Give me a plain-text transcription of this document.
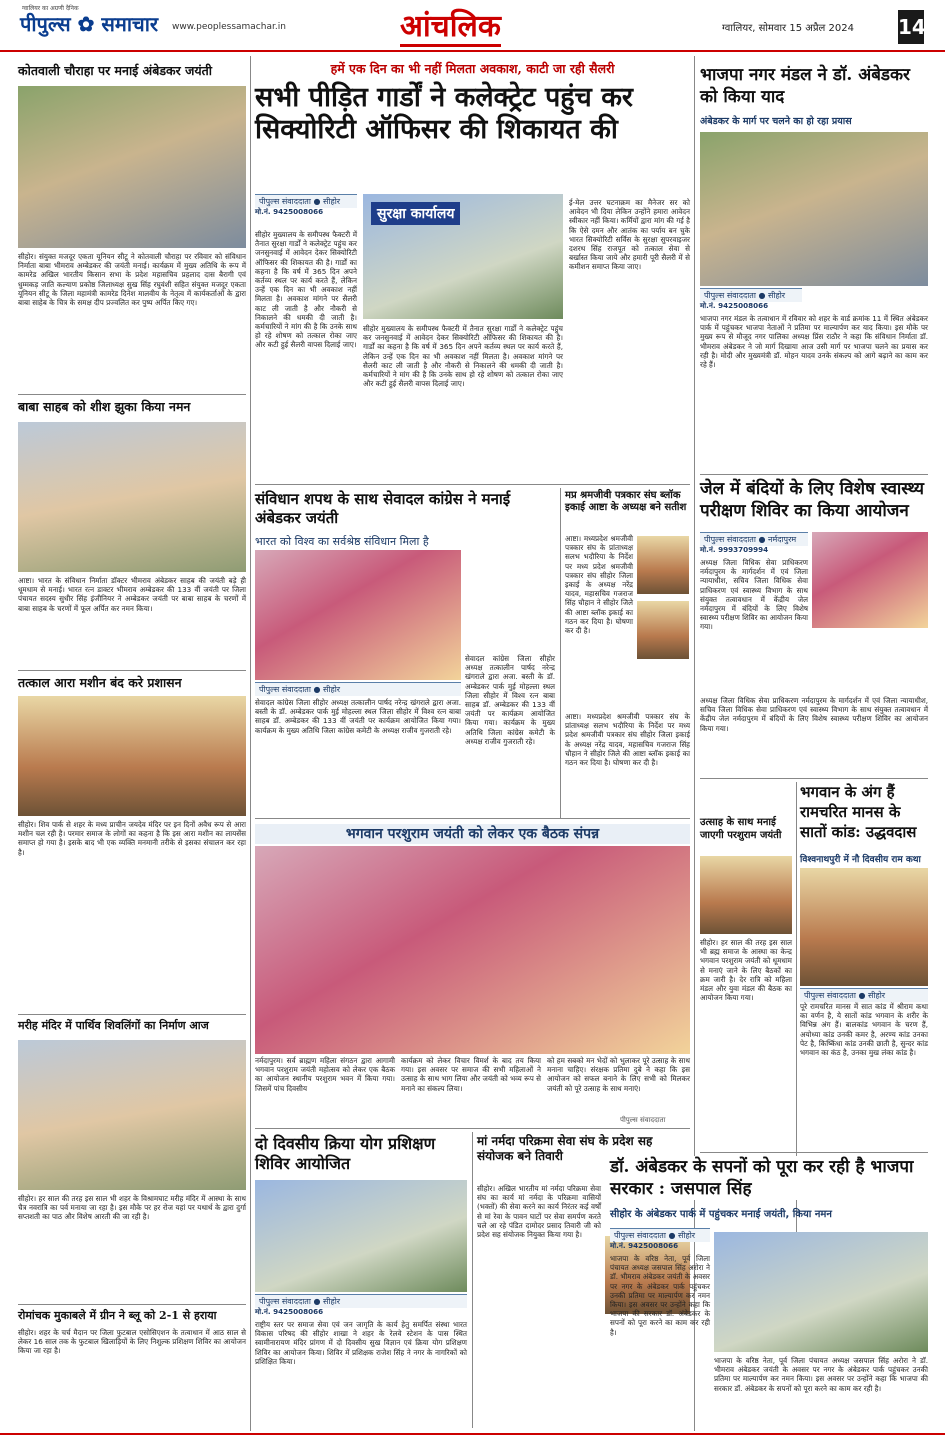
ग्वालियर का अग्रणी दैनिक
पीपुल्स ✿ समाचार www.peoplessamachar.in	आंचलिक	ग्वालियर, सोमवार 15 अप्रैल 2024 14
कोतवाली चौराहा पर मनाई अंबेडकर जयंती
सीहोर। संयुक्त मजदूर एकता यूनियन सीटू ने कोतवाली चौराहा पर रविवार को संविधान निर्माता बाबा भीमराव अम्बेडकर की जयंती मनाई। कार्यक्रम में मुख्य अतिथि के रूप में कामरेड अखिल भारतीय किसान सभा के प्रदेश महासचिव प्रहलाद दास बैरागी एवं धुम्मकड़ जाति कल्याण प्रकोष्ठ जिलाध्यक्ष सुख सिंह रघुवंशी सहित संयुक्त मजदूर एकता यूनियन सीटू के जिला महामंत्री कामरेड दिनेश मालवीय के नेतृत्व में कार्यकर्ताओं के द्वारा बाबा साहेब के चित्र के समक्ष दीप प्रज्वलित कर पुष्प अर्पित किए गए।
बाबा साहब को शीश झुका किया नमन
आष्टा। भारत के संविधान निर्माता डॉक्टर भीमराव अंबेडकर साहब की जयंती बड़े ही धूमधाम से मनाई। भारत रत्न डाक्टर भीमराव अम्बेडकर की 133 वीं जयंती पर जिला पंचायत सदस्य सुधीर सिंह इंजीनियर ने अम्बेडकर जयंती पर बाबा साहब के चरणों में बाबा साहब के चरणों में फूल अर्पित कर नमन किया।
तत्काल आरा मशीन बंद करे प्रशासन
सीहोर। शिव पार्क से शहर के मध्य प्राचीन जयदेव मंदिर पर इन दिनों अवैध रूप से आरा मशीन चल रही है। परमार समाज के लोगों का कहना है कि इस आरा मशीन का लायसेंस समाप्त हो गया है। इसके बाद भी एक व्यक्ति मनमानी तरीके से इसका संचालन कर रहा है।
मरीह मंदिर में पार्थिव शिवलिंगों का निर्माण आज
सीहोर। हर साल की तरह इस साल भी शहर के विश्रामघाट मरीह मंदिर में आस्था के साथ चैत्र नवरात्रि का पर्व मनाया जा रहा है। इस मौके पर हर रोज यहां पर यथार्थ के द्वारा दुर्गा सप्तशती का पाठ और विशेष आरती की जा रही है।
रोमांचक मुकाबले में ग्रीन ने ब्लू को 2-1 से हराया
सीहोर। शहर के चर्च मैदान पर जिला फुटबाल एसोसिएशन के तत्वाधान में आठ साल से लेकर 16 साल तक के फुटबाल खिलाड़ियों के लिए निशुल्क प्रशिक्षण शिविर का आयोजन किया जा रहा है।
हमें एक दिन का भी नहीं मिलता अवकाश, काटी जा रही सैलरी
सभी पीड़ित गार्डों ने कलेक्ट्रेट पहुंच कर सिक्योरिटी ऑफिसर की शिकायत की
पीपुल्स संवाददाता ● सीहोर
मो.नं. 9425008066
सीहोर मुख्यालय के समीपस्थ फैक्टरी में तैनात सुरक्षा गार्डों ने कलेक्ट्रेट पहुंच कर जनसुनवाई में आवेदन देकर सिक्योरिटी ऑफिसर की शिकायत की है। गार्डों का कहना है कि वर्ष में 365 दिन अपने कर्तव्य स्थल पर कार्य करते हैं, लेकिन उन्हें एक दिन का भी अवकाश नहीं मिलता है। अवकाश मांगने पर सैलरी काट ली जाती है और नौकरी से निकालने की धमकी दी जाती है। कर्मचारियों ने मांग की है कि उनके साथ हो रहे शोषण को तत्काल रोका जाए और कटी हुई सैलरी वापस दिलाई जाए।
सुरक्षा कार्यालय
सीहोर मुख्यालय के समीपस्थ फैक्टरी में तैनात सुरक्षा गार्डों ने कलेक्ट्रेट पहुंच कर जनसुनवाई में आवेदन देकर सिक्योरिटी ऑफिसर की शिकायत की है। गार्डों का कहना है कि वर्ष में 365 दिन अपने कर्तव्य स्थल पर कार्य करते हैं, लेकिन उन्हें एक दिन का भी अवकाश नहीं मिलता है। अवकाश मांगने पर सैलरी काट ली जाती है और नौकरी से निकालने की धमकी दी जाती है। कर्मचारियों ने मांग की है कि उनके साथ हो रहे शोषण को तत्काल रोका जाए और कटी हुई सैलरी वापस दिलाई जाए।
ई-मेल उत्तर घटनाक्रम का मैनेजर सर को आवेदन भी दिया लेकिन उन्होंने हमारा आवेदन स्वीकार नहीं किया। कर्मियों द्वारा मांग की गई है कि ऐसे दमन और आतंक का पर्याय बन चुके भारत सिक्योरिटी सर्विस के सुरक्षा सुपरवाइजर दशरथ सिंह राजपूत को तत्काल सेवा से बर्खास्त किया जाये और हमारी पूरी सैलरी में से कमीशन समाप्त किया जाए।
संविधान शपथ के साथ सेवादल कांग्रेस ने मनाई अंबेडकर जयंती
भारत को विश्व का सर्वश्रेष्ठ संविधान मिला है
पीपुल्स संवाददाता ● सीहोर
सेवादल कांग्रेस जिला सीहोर अध्यक्ष तत्कालीन पार्षद नरेन्द्र खंगराले द्वारा अजा. बस्ती के डॉ. अम्बेडकर पार्क मुई मोहल्ला स्थल जिला सीहोर में विश्व रत्न बाबा साहब डॉ. अम्बेडकर की 133 वीं जयंती पर कार्यक्रम आयोजित किया गया। कार्यक्रम के मुख्य अतिथि जिला कांग्रेस कमेटी के अध्यक्ष राजीव गुजराती रहे।
सेवादल कांग्रेस जिला सीहोर अध्यक्ष तत्कालीन पार्षद नरेन्द्र खंगराले द्वारा अजा. बस्ती के डॉ. अम्बेडकर पार्क मुई मोहल्ला स्थल जिला सीहोर में विश्व रत्न बाबा साहब डॉ. अम्बेडकर की 133 वीं जयंती पर कार्यक्रम आयोजित किया गया। कार्यक्रम के मुख्य अतिथि जिला कांग्रेस कमेटी के अध्यक्ष राजीव गुजराती रहे।
मप्र श्रमजीवी पत्रकार संघ ब्लॉक इकाई आष्टा के अध्यक्ष बने सतीश
आष्टा। मध्यप्रदेश श्रमजीवी पत्रकार संघ के प्रांताध्यक्ष सलभ भदौरिया के निर्देश पर मध्य प्रदेश श्रमजीवी पत्रकार संघ सीहोर जिला इकाई के अध्यक्ष नरेंद्र यादव, महासचिव गजराज सिंह चौहान ने सीहोर जिले की आष्टा ब्लॉक इकाई का गठन कर दिया है। घोषणा कर दी है।
आष्टा। मध्यप्रदेश श्रमजीवी पत्रकार संघ के प्रांताध्यक्ष सलभ भदौरिया के निर्देश पर मध्य प्रदेश श्रमजीवी पत्रकार संघ सीहोर जिला इकाई के अध्यक्ष नरेंद्र यादव, महासचिव गजराज सिंह चौहान ने सीहोर जिले की आष्टा ब्लॉक इकाई का गठन कर दिया है। घोषणा कर दी है।
भगवान परशुराम जयंती को लेकर एक बैठक संपन्न
नर्मदापुरम। सर्व ब्राह्मण महिला संगठन द्वारा आगामी भगवान परशुराम जयंती महोत्सव को लेकर एक बैठक का आयोजन स्थानीय परशुराम भवन में किया गया। जिसमें पांच दिवसीय
कार्यक्रम को लेकर विचार विमर्श के बाद तय किया गया। इस अवसर पर समाज की सभी महिलाओं ने उत्साह के साथ भाग लिया और जयंती को भव्य रूप से मनाने का संकल्प लिया।
को हम सबको मन भेदों को भुलाकर पूरे उत्साह के साथ मनाना चाहिए। संरक्षक प्रतिमा दुबे ने कहा कि इस आयोजन को सफल बनाने के लिए सभी को मिलकर जयंती को पूरे उत्साह के साथ मनाएं।
पीपुल्स संवाददाता
दो दिवसीय क्रिया योग प्रशिक्षण शिविर आयोजित
पीपुल्स संवाददाता ● सीहोर
मो.नं. 9425008066
राष्ट्रीय स्तर पर समाज सेवा एवं जन जागृति के कार्य हेतु समर्पित संस्था भारत विकास परिषद की सीहोर शाखा ने शहर के रेलवे स्टेशन के पास स्थित स्वामीनारायण मंदिर प्रांगण में दो दिवसीय सुख विज्ञान एवं क्रिया योग प्रशिक्षण शिविर का आयोजन किया। शिविर में प्रशिक्षक राजेश सिंह ने नगर के नागरिकों को प्रशिक्षित किया।
मां नर्मदा परिक्रमा सेवा संघ के प्रदेश सह संयोजक बने तिवारी
सीहोर। अखिल भारतीय मां नर्मदा परिक्रमा सेवा संघ का कार्य मां नर्मदा के परिक्रमा वासियों (भक्तों) की सेवा करने का कार्य निरंतर कई वर्षों से मां रेवा के पावन घाटों पर सेवा समर्पण करते चले आ रहे पंडित दामोदर प्रसाद तिवारी जी को प्रदेश सह संयोजक नियुक्त किया गया है।
भाजपा नगर मंडल ने डॉ. अंबेडकर को किया याद
अंबेडकर के मार्ग पर चलने का हो रहा प्रयास
पीपुल्स संवाददाता ● सीहोर
मो.नं. 9425008066
भाजपा नगर मंडल के तत्वाधान में रविवार को शहर के वार्ड क्रमांक 11 में स्थित अंबेडकर पार्क में पहुंचकर भाजपा नेताओं ने प्रतिमा पर माल्यार्पण कर याद किया। इस मौके पर मुख्य रूप से मौजूद नगर पालिका अध्यक्ष प्रिंस राठौर ने कहा कि संविधान निर्माता डॉ. भीमराव अंबेडकर ने जो मार्ग दिखाया आज उसी मार्ग पर भाजपा चलने का प्रयास कर रही है। मोदी और मुख्यमंत्री डॉ. मोहन यादव उनके संकल्प को आगे बढ़ाने का काम कर रहे हैं।
जेल में बंदियों के लिए विशेष स्वास्थ्य परीक्षण शिविर का किया आयोजन
पीपुल्स संवाददाता ● नर्मदापुरम
मो.नं. 9993709994
अध्यक्ष जिला विधिक सेवा प्राधिकरण नर्मदापुरम के मार्गदर्शन में एवं जिला न्यायाधीश, सचिव जिला विधिक सेवा प्राधिकरण एवं स्वास्थ्य विभाग के साथ संयुक्त तत्वावधान में केंद्रीय जेल नर्मदापुरम में बंदियों के लिए विशेष स्वास्थ्य परीक्षण शिविर का आयोजन किया गया।
अध्यक्ष जिला विधिक सेवा प्राधिकरण नर्मदापुरम के मार्गदर्शन में एवं जिला न्यायाधीश, सचिव जिला विधिक सेवा प्राधिकरण एवं स्वास्थ्य विभाग के साथ संयुक्त तत्वावधान में केंद्रीय जेल नर्मदापुरम में बंदियों के लिए विशेष स्वास्थ्य परीक्षण शिविर का आयोजन किया गया।
उत्साह के साथ मनाई जाएगी परशुराम जयंती
सीहोर। हर साल की तरह इस साल भी ब्रह्म समाज के आस्था का केन्द्र भगवान परशुराम जयंती को धूमधाम से मनाएं जाने के लिए बैठकों का क्रम जारी है। देर रात्रि को महिला मंडल और युवा मंडल की बैठक का आयोजन किया गया।
भगवान के अंग हैं रामचरित मानस के सातों कांड: उद्धवदास
विश्वनाथपुरी में नौ दिवसीय राम कथा
पीपुल्स संवाददाता ● सीहोर
पूरे रामचरित मानस में सात कांड में श्रीराम कथा का वर्णन है, ये सातों कांड भगवान के शरीर के विभिन्न अंग हैं। बालकांड भगवान के चरण हैं, अयोध्या कांड उनकी कमर है, अरण्य कांड उनका पेट है, किष्किंधा कांड उनकी छाती है, सुन्दर कांड भगवान का कंठ है, उनका मुख लंका कांड है।
डॉ. अंबेडकर के सपनों को पूरा कर रही है भाजपा सरकार : जसपाल सिंह
सीहोर के अंबेडकर पार्क में पहुंचकर मनाई जयंती, किया नमन
पीपुल्स संवाददाता ● सीहोर
मो.नं. 9425008066
भाजपा के वरिष्ठ नेता, पूर्व जिला पंचायत अध्यक्ष जसपाल सिंह अरोरा ने डॉ. भीमराव अंबेडकर जयंती के अवसर पर नगर के अंबेडकर पार्क पहुंचकर उनकी प्रतिमा पर माल्यार्पण कर नमन किया। इस अवसर पर उन्होंने कहा कि भाजपा की सरकार डॉ. अंबेडकर के सपनों को पूरा करने का काम कर रही है।
भाजपा के वरिष्ठ नेता, पूर्व जिला पंचायत अध्यक्ष जसपाल सिंह अरोरा ने डॉ. भीमराव अंबेडकर जयंती के अवसर पर नगर के अंबेडकर पार्क पहुंचकर उनकी प्रतिमा पर माल्यार्पण कर नमन किया। इस अवसर पर उन्होंने कहा कि भाजपा की सरकार डॉ. अंबेडकर के सपनों को पूरा करने का काम कर रही है।
